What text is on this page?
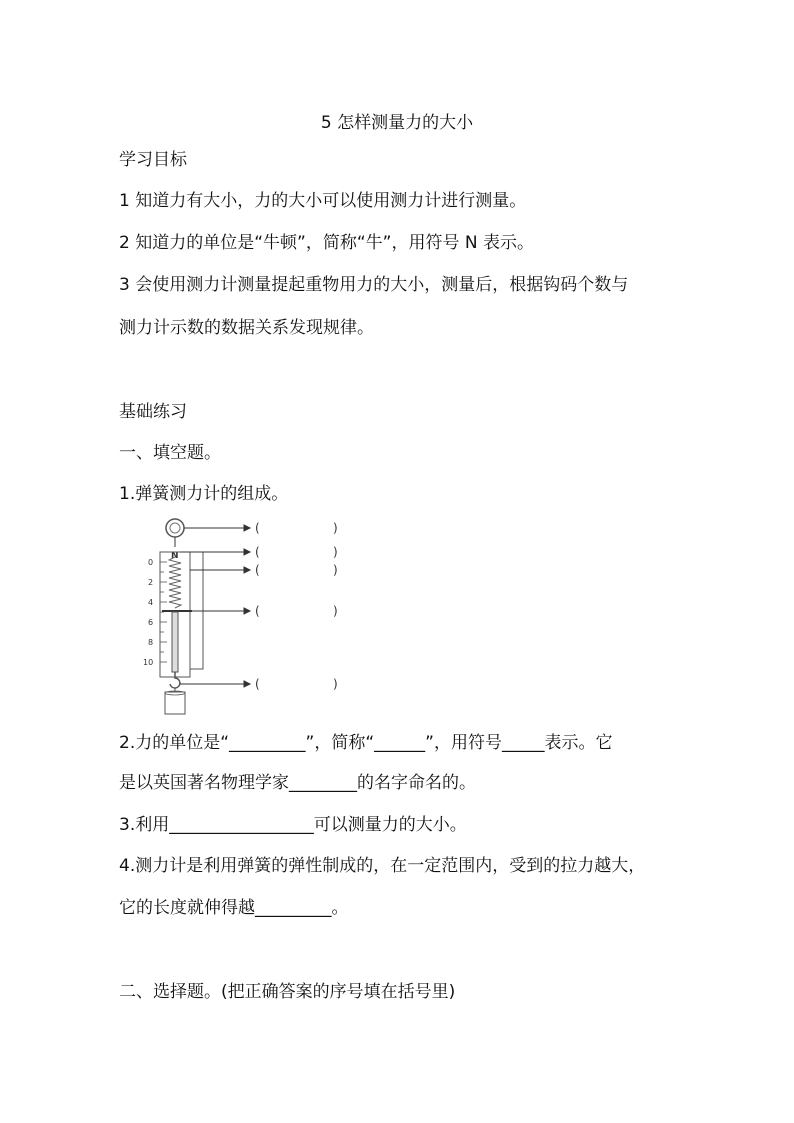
5 怎样测量力的大小
学习目标
1 知道力有大小，力的大小可以使用测力计进行测量。
2 知道力的单位是“牛顿”，简称“牛”，用符号 N 表示。
3 会使用测力计测量提起重物用力的大小，测量后，根据钩码个数与
测力计示数的数据关系发现规律。
基础练习
一、填空题。
1.弹簧测力计的组成。
N
0
2
4
6
8
10
(	)
(	)
(	)
(	)
(	)
2.力的单位是“_________”，简称“______”，用符号_____表示。它
是以英国著名物理学家________的名字命名的。
3.利用_________________可以测量力的大小。
4.测力计是利用弹簧的弹性制成的，在一定范围内，受到的拉力越大，
它的长度就伸得越_________。
二、选择题。(把正确答案的序号填在括号里)
